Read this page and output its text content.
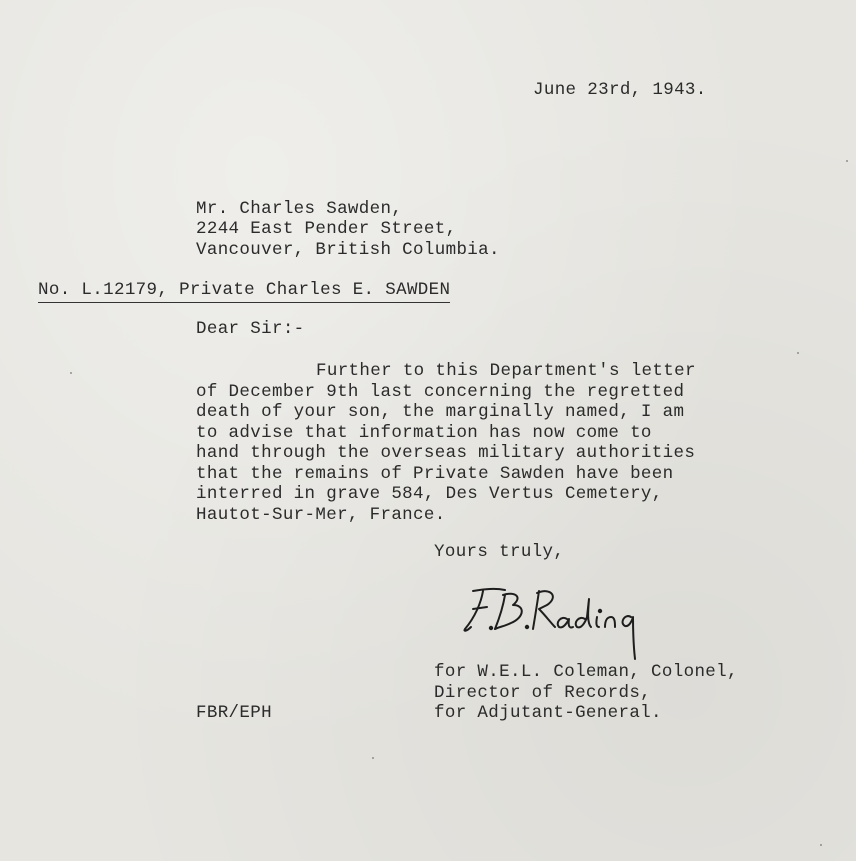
June 23rd, 1943.
Mr. Charles Sawden,
2244 East Pender Street,
Vancouver, British Columbia.
No. L.12179, Private Charles E. SAWDEN
Dear Sir:-
Further to this Department's letter
of December 9th last concerning the regretted
death of your son, the marginally named, I am
to advise that information has now come to
hand through the overseas military authorities
that the remains of Private Sawden have been
interred in grave 584, Des Vertus Cemetery,
Hautot-Sur-Mer, France.
Yours truly,
for W.E.L. Coleman, Colonel,
Director of Records,
for Adjutant-General.
FBR/EPH
